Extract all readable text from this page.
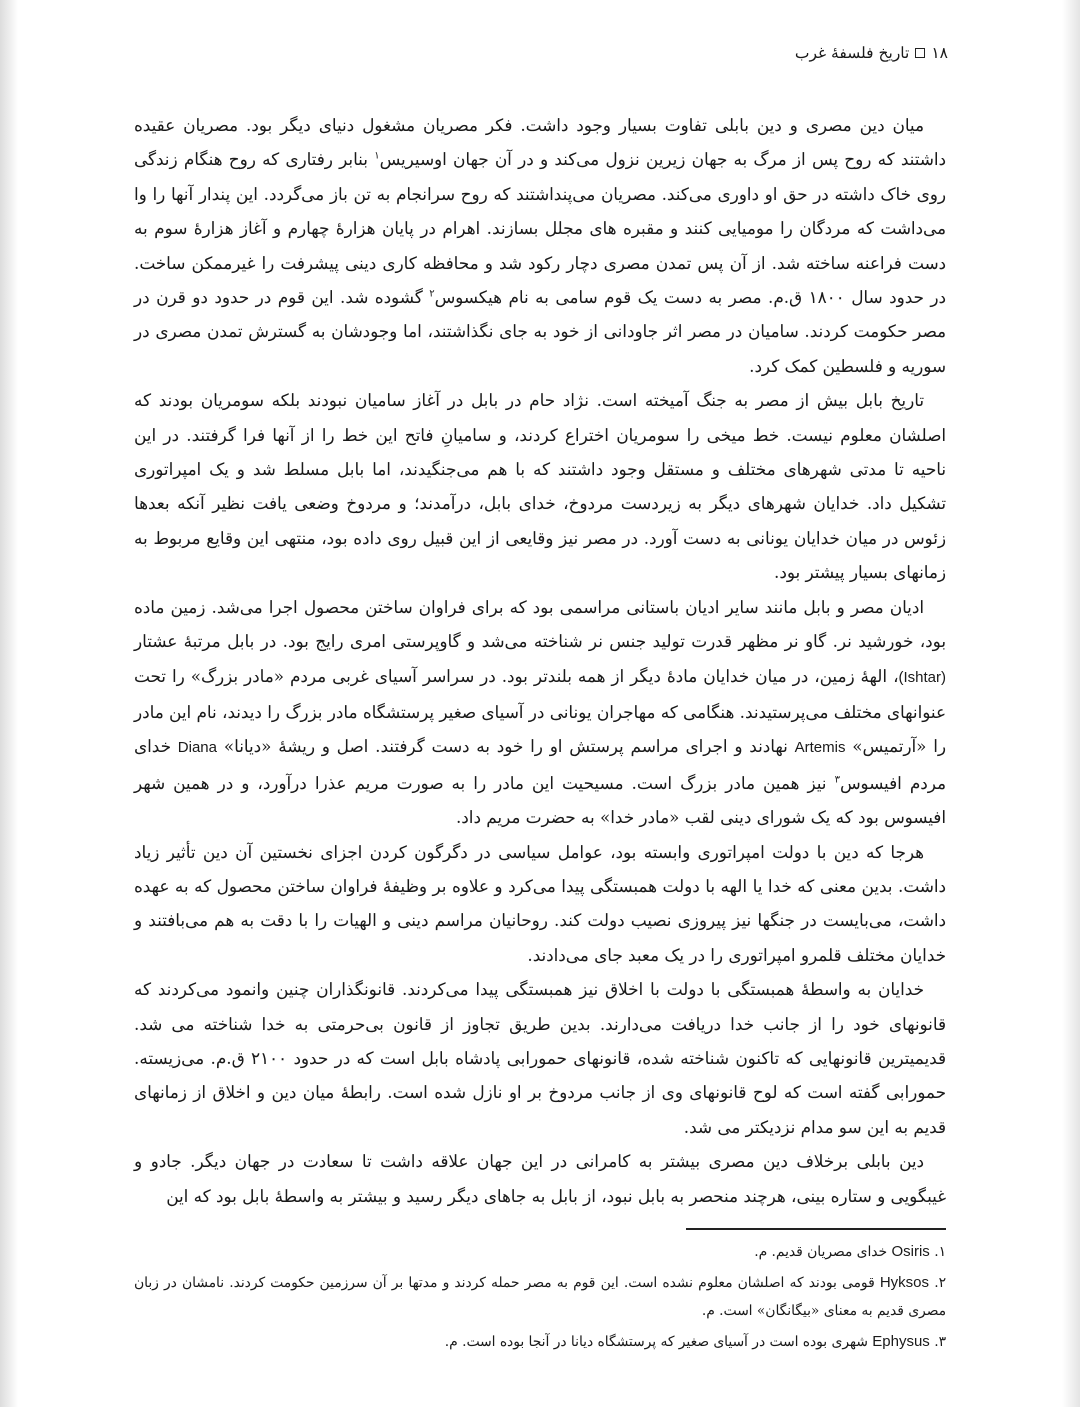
۱۸
تاریخ فلسفهٔ غرب

میان دین مصری و دین بابلی تفاوت بسیار وجود داشت. فکر مصریان مشغول دنیای دیگر بود. مصریان عقیده داشتند که روح پس از مرگ به جهان زیرین نزول می‌کند و در آن جهان اوسیریس$^۱$ بنابر رفتاری که روح هنگام زندگی روی خاک داشته در حق او داوری می‌کند. مصریان می‌پنداشتند که روح سرانجام به تن باز می‌گردد. این پندار آنها را وا می‌داشت که مردگان را مومیایی کنند و مقبره های مجلل بسازند. اهرام در پایان هزارهٔ چهارم و آغاز هزارهٔ سوم به دست فراعنه ساخته شد. از آن پس تمدن مصری دچار رکود شد و محافظه کاری دینی پیشرفت را غیرممکن ساخت. در حدود سال ۱۸۰۰ ق.م. مصر به دست یک قوم سامی به نام هیکسوس$^۲$ گشوده شد. این قوم در حدود دو قرن در مصر حکومت کردند. سامیان در مصر اثر جاودانی از خود به جای نگذاشتند، اما وجودشان به گسترش تمدن مصری در سوریه و فلسطین کمک کرد.

تاریخ بابل بیش از مصر به جنگ آمیخته است. نژاد حام در بابل در آغاز سامیان نبودند بلکه سومریان بودند که اصلشان معلوم نیست. خط میخی را سومریان اختراع کردند، و سامیانِ فاتح این خط را از آنها فرا گرفتند. در این ناحیه تا مدتی شهرهای مختلف و مستقل وجود داشتند که با هم می‌جنگیدند، اما بابل مسلط شد و یک امپراتوری تشکیل داد. خدایان شهرهای دیگر به زیردست مردوخ، خدای بابل، درآمدند؛ و مردوخ وضعی یافت نظیر آنکه بعدها زئوس در میان خدایان یونانی به دست آورد. در مصر نیز وقایعی از این قبیل روی داده بود، منتهی این وقایع مربوط به زمانهای بسیار پیشتر بود.

ادیان مصر و بابل مانند سایر ادیان باستانی مراسمی بود که برای فراوان ساختن محصول اجرا می‌شد. زمین ماده بود، خورشید نر. گاو نر مظهر قدرت تولید جنس نر شناخته می‌شد و گاوپرستی امری رایج بود. در بابل مرتبهٔ عشتار (Ishtar)، الههٔ زمین، در میان خدایان مادهٔ دیگر از همه بلندتر بود. در سراسر آسیای غربی مردم «مادر بزرگ» را تحت عنوانهای مختلف می‌پرستیدند. هنگامی که مهاجران یونانی در آسیای صغیر پرستشگاه مادر بزرگ را دیدند، نام این مادر را «آرتمیس» Artemis نهادند و اجرای مراسم پرستش او را خود به دست گرفتند. اصل و ریشهٔ «دیانا» Diana خدای مردم افیسوس$^۳$ نیز همین مادر بزرگ است. مسیحیت این مادر را به صورت مریم عذرا درآورد، و در همین شهر افیسوس بود که یک شورای دینی لقب «مادر خدا» به حضرت مریم داد.

هرجا که دین با دولت امپراتوری وابسته بود، عوامل سیاسی در دگرگون کردن اجزای نخستین آن دین تأثیر زیاد داشت. بدین معنی که خدا یا الهه با دولت همبستگی پیدا می‌کرد و علاوه بر وظیفهٔ فراوان ساختن محصول که به عهده داشت، می‌بایست در جنگها نیز پیروزی نصیب دولت کند. روحانیان مراسم دینی و الهیات را با دقت به هم می‌بافتند و خدایان مختلف قلمرو امپراتوری را در یک معبد جای می‌دادند.

خدایان به واسطهٔ همبستگی با دولت با اخلاق نیز همبستگی پیدا می‌کردند. قانونگذاران چنین وانمود می‌کردند که قانونهای خود را از جانب خدا دریافت می‌دارند. بدین طریق تجاوز از قانون بی‌حرمتی به خدا شناخته می شد. قدیمیترین قانونهایی که تاکنون شناخته شده، قانونهای حمورابی پادشاه بابل است که در حدود ۲۱۰۰ ق.م. می‌زیسته. حمورابی گفته است که لوح قانونهای وی از جانب مردوخ بر او نازل شده است. رابطهٔ میان دین و اخلاق از زمانهای قدیم به این سو مدام نزدیکتر می شد.

دین بابلی برخلاف دین مصری بیشتر به کامرانی در این جهان علاقه داشت تا سعادت در جهان دیگر. جادو و غیبگویی و ستاره بینی، هرچند منحصر به بابل نبود، از بابل به جاهای دیگر رسید و بیشتر به واسطهٔ بابل بود که این

۱. Osiris خدای مصریان قدیم. م.

۲. Hyksos قومی بودند که اصلشان معلوم نشده است. این قوم به مصر حمله کردند و مدتها بر آن سرزمین حکومت کردند. نامشان در زبان مصری قدیم به معنای «بیگانگان» است. م.

۳. Ephysus شهری بوده است در آسیای صغیر که پرستشگاه دیانا در آنجا بوده است. م.
